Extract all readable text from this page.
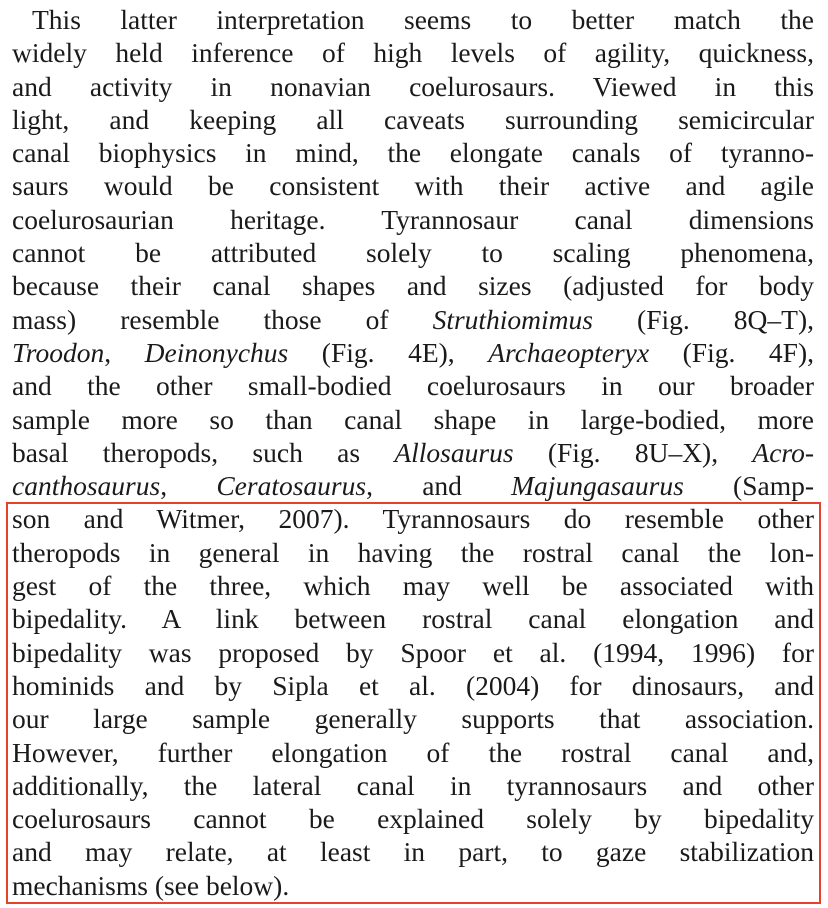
This latter interpretation seems to better match the
widely held inference of high levels of agility, quickness,
and activity in nonavian coelurosaurs. Viewed in this
light, and keeping all caveats surrounding semicircular
canal biophysics in mind, the elongate canals of tyranno-
saurs would be consistent with their active and agile
coelurosaurian heritage. Tyrannosaur canal dimensions
cannot be attributed solely to scaling phenomena,
because their canal shapes and sizes (adjusted for body
mass) resemble those of Struthiomimus (Fig. 8Q–T),
Troodon, Deinonychus (Fig. 4E), Archaeopteryx (Fig. 4F),
and the other small-bodied coelurosaurs in our broader
sample more so than canal shape in large-bodied, more
basal theropods, such as Allosaurus (Fig. 8U–X), Acro-
canthosaurus, Ceratosaurus, and Majungasaurus (Samp-
son and Witmer, 2007). Tyrannosaurs do resemble other
theropods in general in having the rostral canal the lon-
gest of the three, which may well be associated with
bipedality. A link between rostral canal elongation and
bipedality was proposed by Spoor et al. (1994, 1996) for
hominids and by Sipla et al. (2004) for dinosaurs, and
our large sample generally supports that association.
However, further elongation of the rostral canal and,
additionally, the lateral canal in tyrannosaurs and other
coelurosaurs cannot be explained solely by bipedality
and may relate, at least in part, to gaze stabilization
mechanisms (see below).
